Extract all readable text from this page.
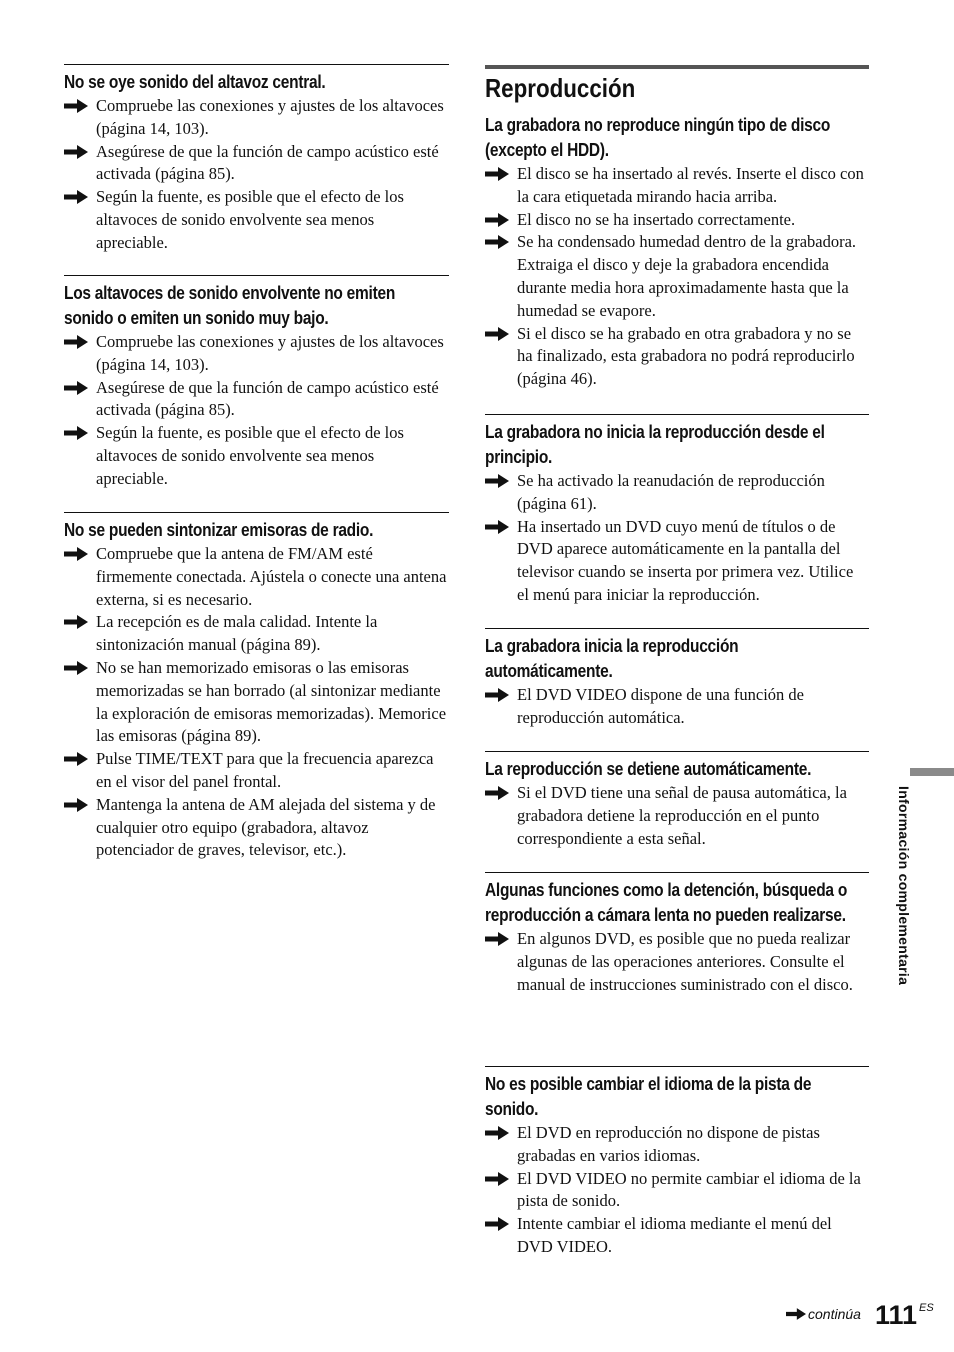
No se oye sonido del altavoz central.
Compruebe las conexiones y ajustes de los altavoces (página 14, 103).
Asegúrese de que la función de campo acústico esté activada (página 85).
Según la fuente, es posible que el efecto de los altavoces de sonido envolvente sea menos apreciable.
Los altavoces de sonido envolvente no emiten sonido o emiten un sonido muy bajo.
Compruebe las conexiones y ajustes de los altavoces (página 14, 103).
Asegúrese de que la función de campo acústico esté activada (página 85).
Según la fuente, es posible que el efecto de los altavoces de sonido envolvente sea menos apreciable.
No se pueden sintonizar emisoras de radio.
Compruebe que la antena de FM/AM esté firmemente conectada. Ajústela o conecte una antena externa, si es necesario.
La recepción es de mala calidad. Intente la sintonización manual (página 89).
No se han memorizado emisoras o las emisoras memorizadas se han borrado (al sintonizar mediante la exploración de emisoras memorizadas). Memorice las emisoras (página 89).
Pulse TIME/TEXT para que la frecuencia aparezca en el visor del panel frontal.
Mantenga la antena de AM alejada del sistema y de cualquier otro equipo (grabadora, altavoz potenciador de graves, televisor, etc.).
Reproducción
La grabadora no reproduce ningún tipo de disco (excepto el HDD).
El disco se ha insertado al revés. Inserte el disco con la cara etiquetada mirando hacia arriba.
El disco no se ha insertado correctamente.
Se ha condensado humedad dentro de la grabadora. Extraiga el disco y deje la grabadora encendida durante media hora aproximadamente hasta que la humedad se evapore.
Si el disco se ha grabado en otra grabadora y no se ha finalizado, esta grabadora no podrá reproducirlo (página 46).
La grabadora no inicia la reproducción desde el principio.
Se ha activado la reanudación de reproducción (página 61).
Ha insertado un DVD cuyo menú de títulos o de DVD aparece automáticamente en la pantalla del televisor cuando se inserta por primera vez. Utilice el menú para iniciar la reproducción.
La grabadora inicia la reproducción automáticamente.
El DVD VIDEO dispone de una función de reproducción automática.
La reproducción se detiene automáticamente.
Si el DVD tiene una señal de pausa automática, la grabadora detiene la reproducción en el punto correspondiente a esta señal.
Algunas funciones como la detención, búsqueda o reproducción a cámara lenta no pueden realizarse.
En algunos DVD, es posible que no pueda realizar algunas de las operaciones anteriores. Consulte el manual de instrucciones suministrado con el disco.
No es posible cambiar el idioma de la pista de sonido.
El DVD en reproducción no dispone de pistas grabadas en varios idiomas.
El DVD VIDEO no permite cambiar el idioma de la pista de sonido.
Intente cambiar el idioma mediante el menú del DVD VIDEO.
Información complementaria
continúa 111 ES
